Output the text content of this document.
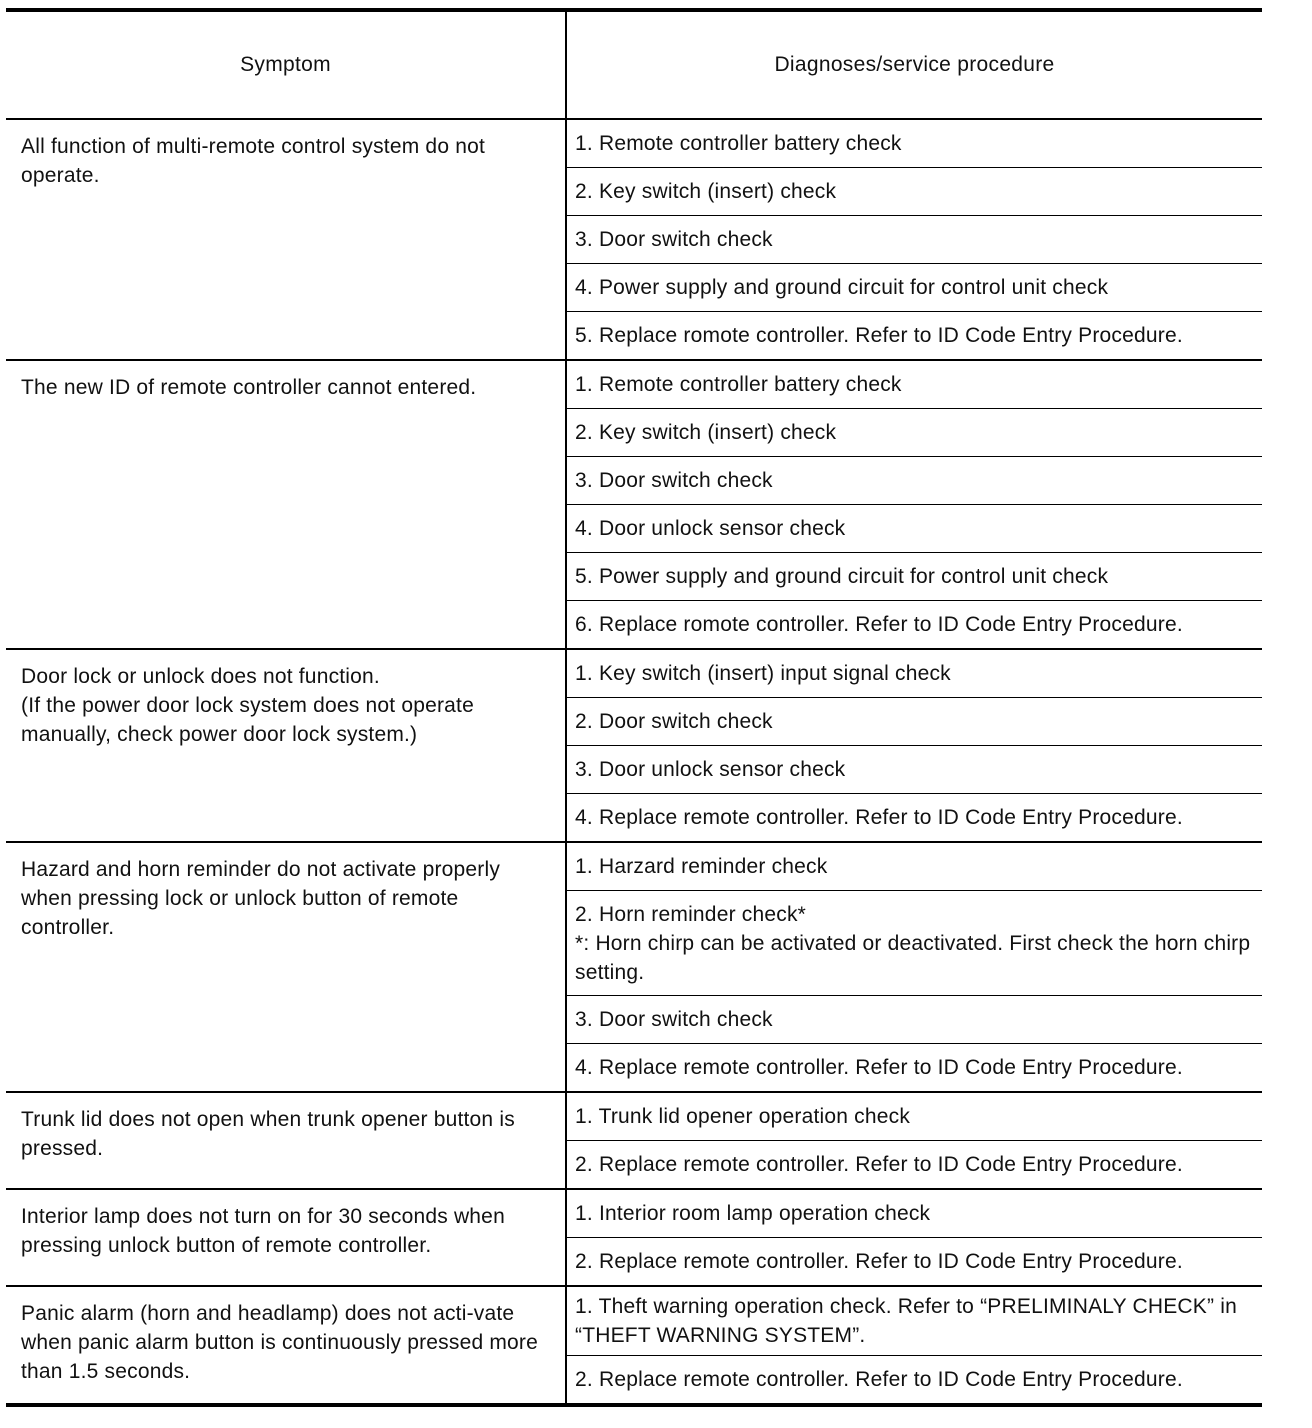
Symptom	Diagnoses/service procedure
All function of multi-remote control system do not operate.	1. Remote controller battery check
	2. Key switch (insert) check
	3. Door switch check
	4. Power supply and ground circuit for control unit check
	5. Replace romote controller. Refer to ID Code Entry Procedure.
The new ID of remote controller cannot entered.	1. Remote controller battery check
	2. Key switch (insert) check
	3. Door switch check
	4. Door unlock sensor check
	5. Power supply and ground circuit for control unit check
	6. Replace romote controller. Refer to ID Code Entry Procedure.

Door lock or unlock does not function.
(If the power door lock system does not operate manually, check power door lock system.)	1. Key switch (insert) input signal check
	2. Door switch check
	3. Door unlock sensor check
	4. Replace remote controller. Refer to ID Code Entry Procedure.
Hazard and horn reminder do not activate properly when pressing lock or unlock button of remote controller.	1. Harzard reminder check

	2. Horn reminder check*
*: Horn chirp can be activated or deactivated. First check the horn chirp setting.

	3. Door switch check
	4. Replace remote controller. Refer to ID Code Entry Procedure.
Trunk lid does not open when trunk opener button is pressed.	1. Trunk lid opener operation check
	2. Replace remote controller. Refer to ID Code Entry Procedure.
Interior lamp does not turn on for 30 seconds when pressing unlock button of remote controller.	1. Interior room lamp operation check
	2. Replace remote controller. Refer to ID Code Entry Procedure.
Panic alarm (horn and headlamp) does not acti-vate when panic alarm button is continuously pressed more than 1.5 seconds.	1. Theft warning operation check. Refer to “PRELIMINALY CHECK” in “THEFT WARNING SYSTEM”.
	2. Replace remote controller. Refer to ID Code Entry Procedure.
